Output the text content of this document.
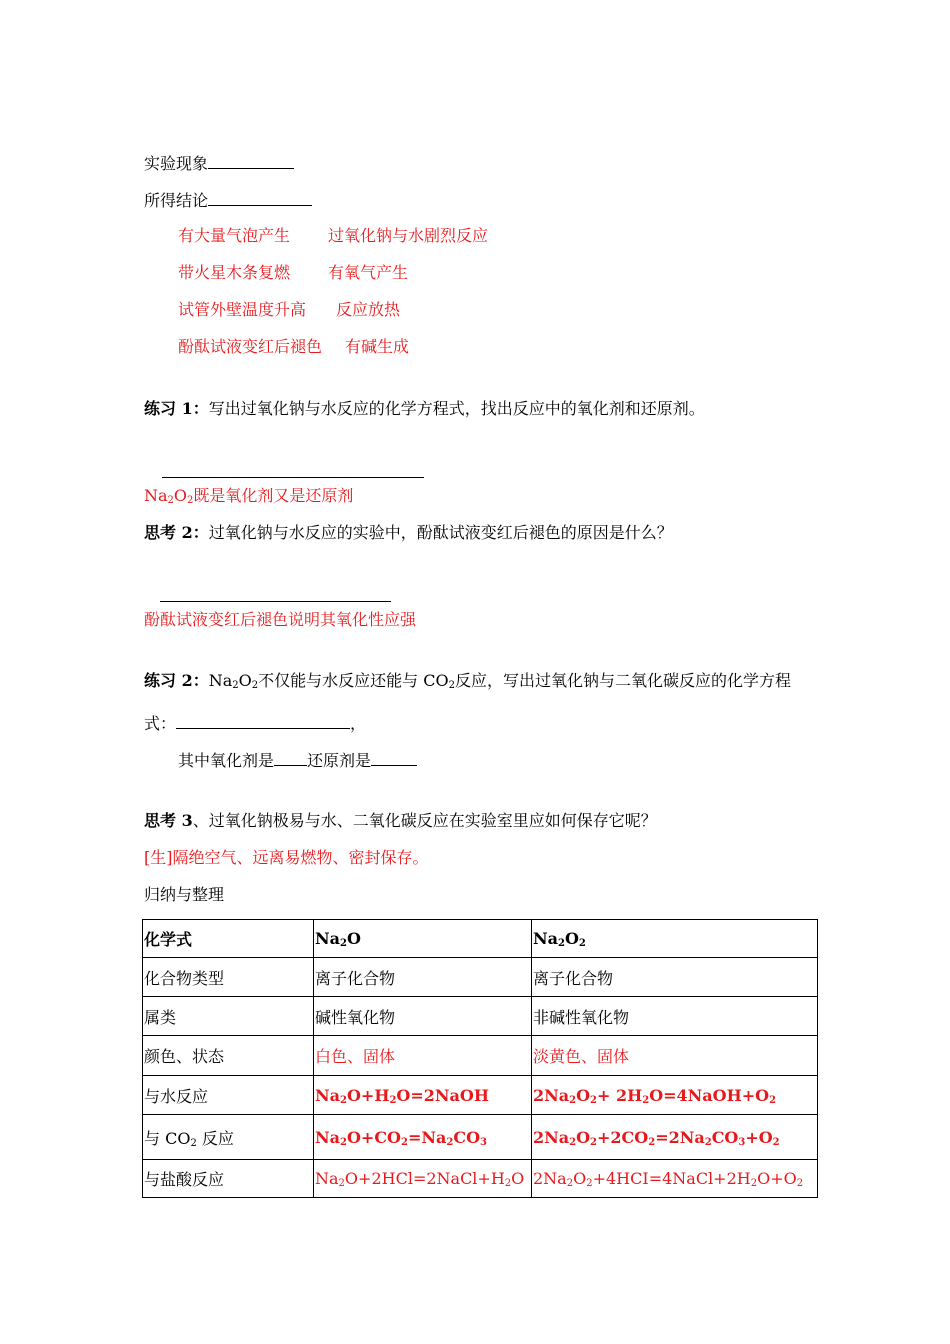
实验现象
所得结论
有大量气泡产生 过氧化钠与水剧烈反应
带火星木条复燃 有氧气产生
试管外壁温度升高 反应放热
酚酞试液变红后褪色 有碱生成
练习 1：写出过氧化钠与水反应的化学方程式，找出反应中的氧化剂和还原剂。
$Na_2O_2$既是氧化剂又是还原剂
思考 2：过氧化钠与水反应的实验中，酚酞试液变红后褪色的原因是什么？
酚酞试液变红后褪色说明其氧化性应强
练习 2：$Na_2O_2$不仅能与水反应还能与 $CO_2$反应，写出过氧化钠与二氧化碳反应的化学方程
式：	，
其中氧化剂是 还原剂是
思考 3、过氧化钠极易与水、二氧化碳反应在实验室里应如何保存它呢？
[生]隔绝空气、远离易燃物、密封保存。
归纳与整理
化学式	$Na_2O$	$Na_2O_2$
化合物类型	离子化合物	离子化合物
属类	碱性氧化物	非碱性氧化物
颜色、状态	白色、固体	淡黄色、固体
与水反应	$Na_2O+H_2O=2NaOH$	$2Na_2O_2+$ $2H_2O=4NaOH+O_2$
与 $CO_2$ 反应	$Na_2O+CO_2=Na_2CO_3$	$2Na_2O_2+2CO_2=2Na_2CO_3+O_2$
与盐酸反应	$Na_2O+2HCl=2NaCl+H_2O$	$2Na_2O_2+4HCI=4NaCl+2H_2O+O_2$
